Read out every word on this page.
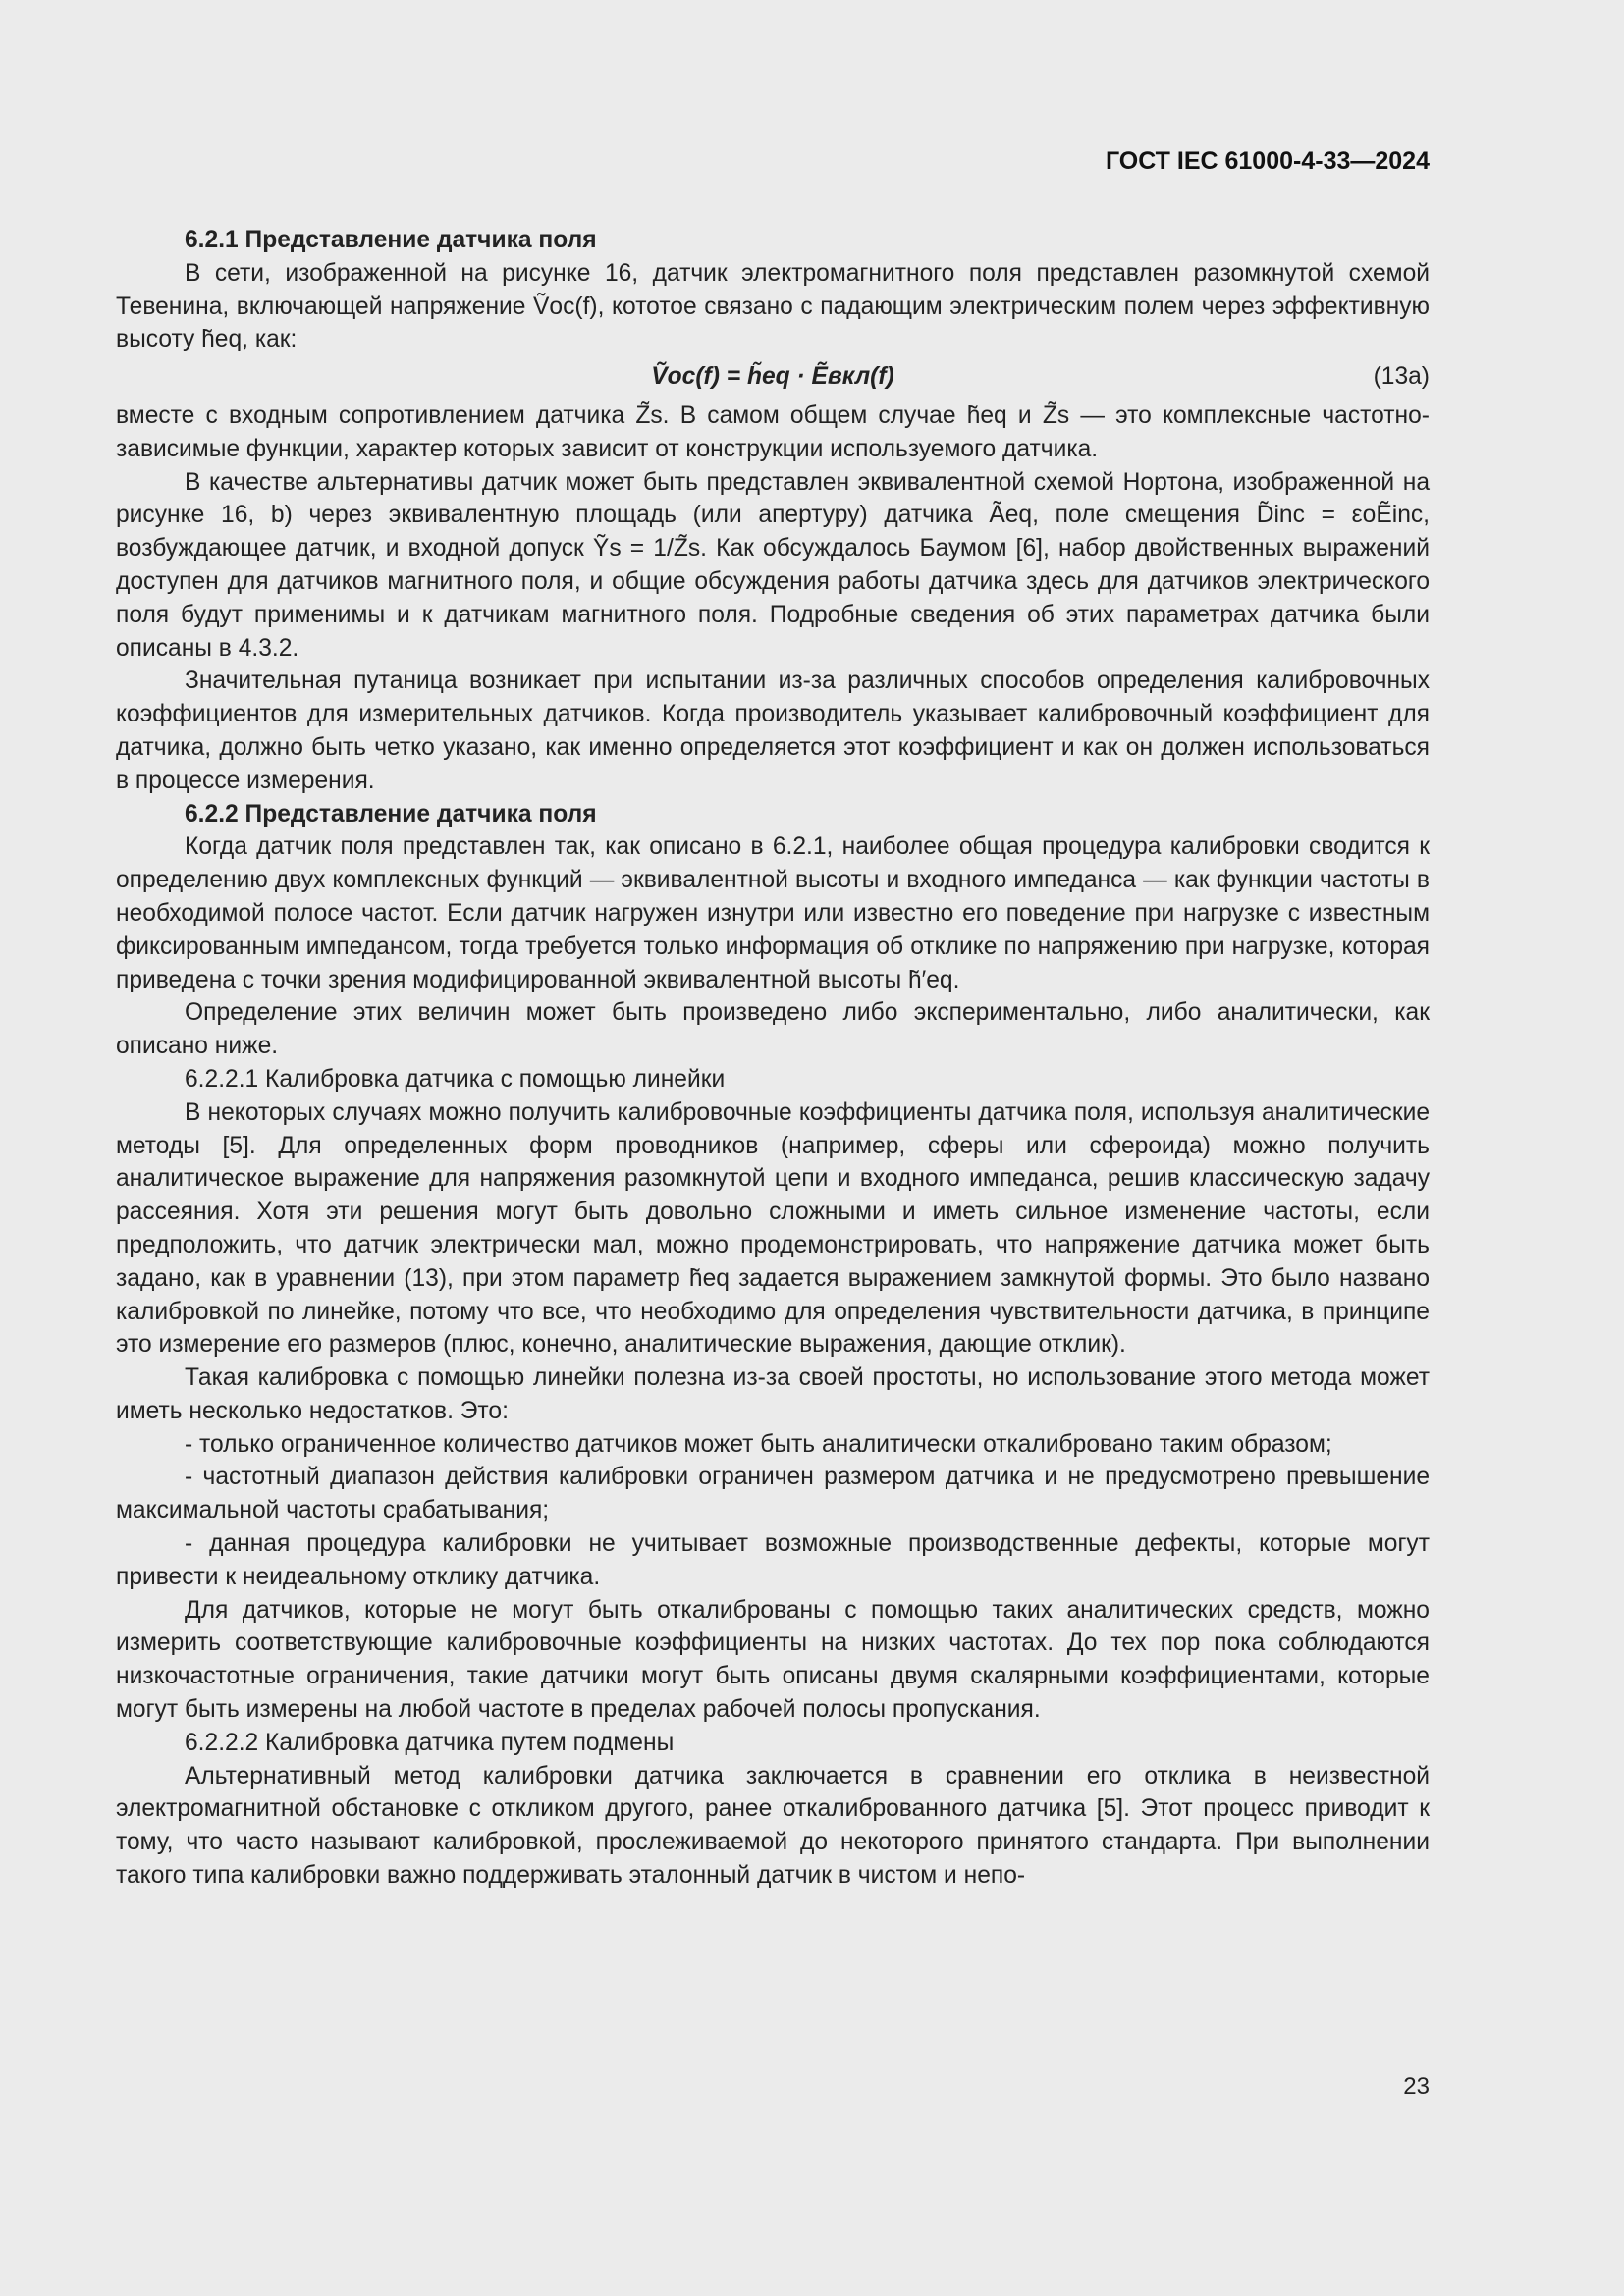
ГОСТ IEC 61000-4-33—2024

6.2.1 Представление датчика поля

В сети, изображенной на рисунке 16, датчик электромагнитного поля представлен разомкнутой схемой Тевенина, включающей напряжение Ṽoc(f), кототое связано с падающим электрическим полем через эффективную высоту h̃eq, как:

Ṽoc(f) = h̃eq · Ẽвкл(f)	(13а)

вместе с входным сопротивлением датчика Z̃s. В самом общем случае h̃eq и Z̃s — это комплексные частотно-зависимые функции, характер которых зависит от конструкции используемого датчика.

В качестве альтернативы датчик может быть представлен эквивалентной схемой Нортона, изображенной на рисунке 16, b) через эквивалентную площадь (или апертуру) датчика Ãeq, поле смещения D̃inc = εoẼinc, возбуждающее датчик, и входной допуск Ỹs = 1/Z̃s. Как обсуждалось Баумом [6], набор двойственных выражений доступен для датчиков магнитного поля, и общие обсуждения работы датчика здесь для датчиков электрического поля будут применимы и к датчикам магнитного поля. Подробные сведения об этих параметрах датчика были описаны в 4.3.2.

Значительная путаница возникает при испытании из-за различных способов определения калибровочных коэффициентов для измерительных датчиков. Когда производитель указывает калибровочный коэффициент для датчика, должно быть четко указано, как именно определяется этот коэффициент и как он должен использоваться в процессе измерения.

6.2.2 Представление датчика поля

Когда датчик поля представлен так, как описано в 6.2.1, наиболее общая процедура калибровки сводится к определению двух комплексных функций — эквивалентной высоты и входного импеданса — как функции частоты в необходимой полосе частот. Если датчик нагружен изнутри или известно его поведение при нагрузке с известным фиксированным импедансом, тогда требуется только информация об отклике по напряжению при нагрузке, которая приведена с точки зрения модифицированной эквивалентной высоты h̃′eq.

Определение этих величин может быть произведено либо экспериментально, либо аналитически, как описано ниже.

6.2.2.1 Калибровка датчика с помощью линейки

В некоторых случаях можно получить калибровочные коэффициенты датчика поля, используя аналитические методы [5]. Для определенных форм проводников (например, сферы или сфероида) можно получить аналитическое выражение для напряжения разомкнутой цепи и входного импеданса, решив классическую задачу рассеяния. Хотя эти решения могут быть довольно сложными и иметь сильное изменение частоты, если предположить, что датчик электрически мал, можно продемонстрировать, что напряжение датчика может быть задано, как в уравнении (13), при этом параметр h̃eq задается выражением замкнутой формы. Это было названо калибровкой по линейке, потому что все, что необходимо для определения чувствительности датчика, в принципе это измерение его размеров (плюс, конечно, аналитические выражения, дающие отклик).

Такая калибровка с помощью линейки полезна из-за своей простоты, но использование этого метода может иметь несколько недостатков. Это:

- только ограниченное количество датчиков может быть аналитически откалибровано таким образом;

- частотный диапазон действия калибровки ограничен размером датчика и не предусмотрено превышение максимальной частоты срабатывания;

- данная процедура калибровки не учитывает возможные производственные дефекты, которые могут привести к неидеальному отклику датчика.

Для датчиков, которые не могут быть откалиброваны с помощью таких аналитических средств, можно измерить соответствующие калибровочные коэффициенты на низких частотах. До тех пор пока соблюдаются низкочастотные ограничения, такие датчики могут быть описаны двумя скалярными коэффициентами, которые могут быть измерены на любой частоте в пределах рабочей полосы пропускания.

6.2.2.2 Калибровка датчика путем подмены

Альтернативный метод калибровки датчика заключается в сравнении его отклика в неизвестной электромагнитной обстановке с откликом другого, ранее откалиброванного датчика [5]. Этот процесс приводит к тому, что часто называют калибровкой, прослеживаемой до некоторого принятого стандарта. При выполнении такого типа калибровки важно поддерживать эталонный датчик в чистом и непо-

23
